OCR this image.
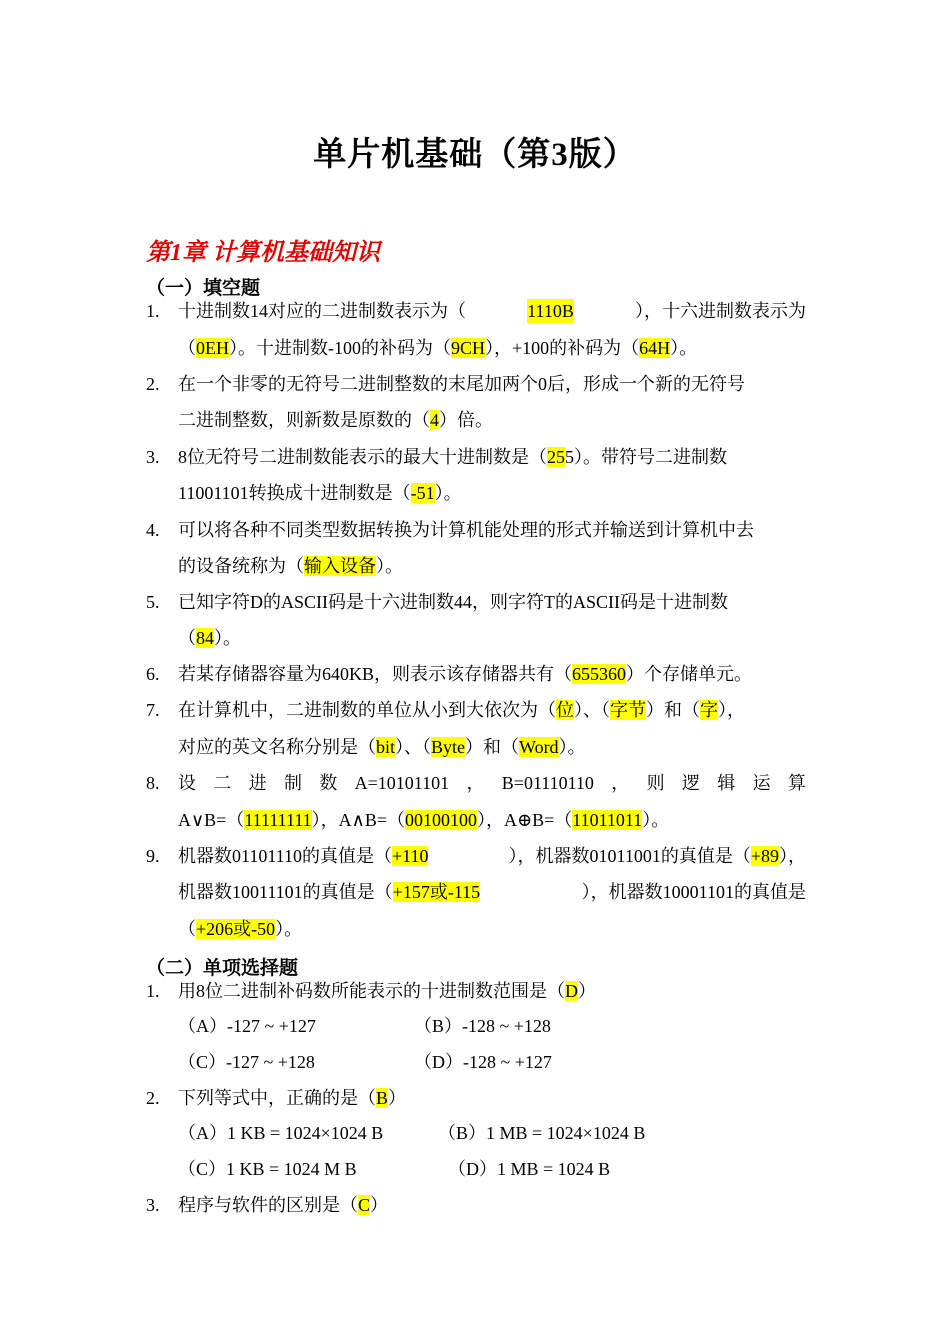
单片机基础（第3版）
第1章 计算机基础知识
（一）填空题
1. 十进制数14对应的二进制数表示为（	1110B	），十六进制数表示为
（0EH）。十进制数-100的补码为（9CH），+100的补码为（64H）。
2. 在一个非零的无符号二进制整数的末尾加两个0后，形成一个新的无符号
二进制整数，则新数是原数的（4）倍。
3. 8位无符号二进制数能表示的最大十进制数是（255）。带符号二进制数
11001101转换成十进制数是（-51）。
4. 可以将各种不同类型数据转换为计算机能处理的形式并输送到计算机中去
的设备统称为（输入设备）。
5. 已知字符D的ASCII码是十六进制数44，则字符T的ASCII码是十进制数
（84）。
6. 若某存储器容量为640KB，则表示该存储器共有（655360）个存储单元。
7. 在计算机中，二进制数的单位从小到大依次为（位）、（字节）和（字），
对应的英文名称分别是（bit）、（Byte）和（Word）。
8. 设 二 进 制 数 A=10101101 ， B=01110110 ， 则 逻 辑 运 算
A∨B=（11111111），A∧B=（00100100），A⊕B=（11011011）。
9. 机器数01101110的真值是（+110	），机器数01011001的真值是（+89），
机器数10011101的真值是（+157或-115	），机器数10001101的真值是
（+206或-50）。
（二）单项选择题
1. 用8位二进制补码数所能表示的十进制数范围是（D）
（A）-127 ~ +127	（B）-128 ~ +128
（C）-127 ~ +128	（D）-128 ~ +127
2. 下列等式中，正确的是（B）
（A）1 KB = 1024×1024 B	（B）1 MB = 1024×1024 B
（C）1 KB = 1024 M B	（D）1 MB = 1024 B
3. 程序与软件的区别是（C）
